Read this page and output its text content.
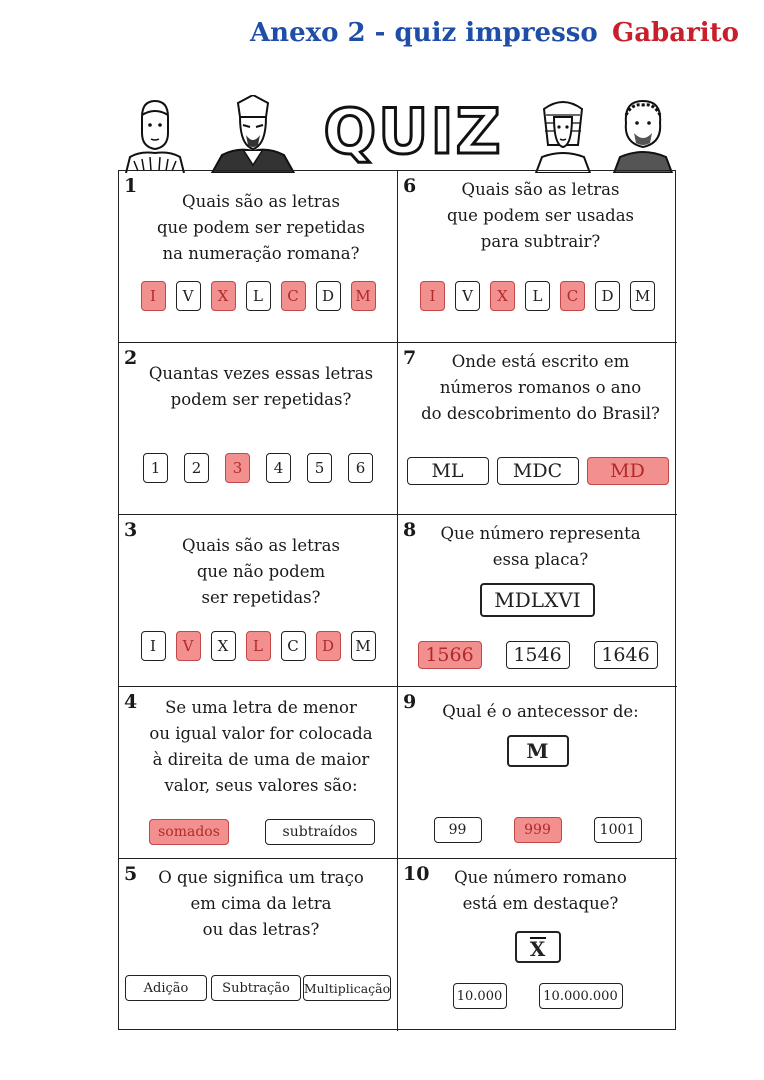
Anexo 2 - quiz impresso Gabarito
QUIZ
1
Quais são as letras
que podem ser repetidas
na numeração romana?
I	V	X	L	C	D	M
2
Quantas vezes essas letras
podem ser repetidas?
1	2	3	4	5	6
3
Quais são as letras
que não podem
ser repetidas?
I	V	X	L	C	D	M
4	Se uma letra de menor
ou igual valor for colocada
à direita de uma de maior
valor, seus valores são:
somados	subtraídos
5	O que significa um traço
em cima da letra
ou das letras?
Adição	Subtração	Multiplicação
6	Quais são as letras
que podem ser usadas
para subtrair?
I	V	X	L	C	D	M
7	Onde está escrito em
números romanos o ano
do descobrimento do Brasil?
ML	MDC	MD
8	Que número representa
essa placa?
MDLXVI
1566	1546	1646
9	Qual é o antecessor de:
M
99	999	1001
10	Que número romano
está em destaque?
X
10.000	10.000.000
